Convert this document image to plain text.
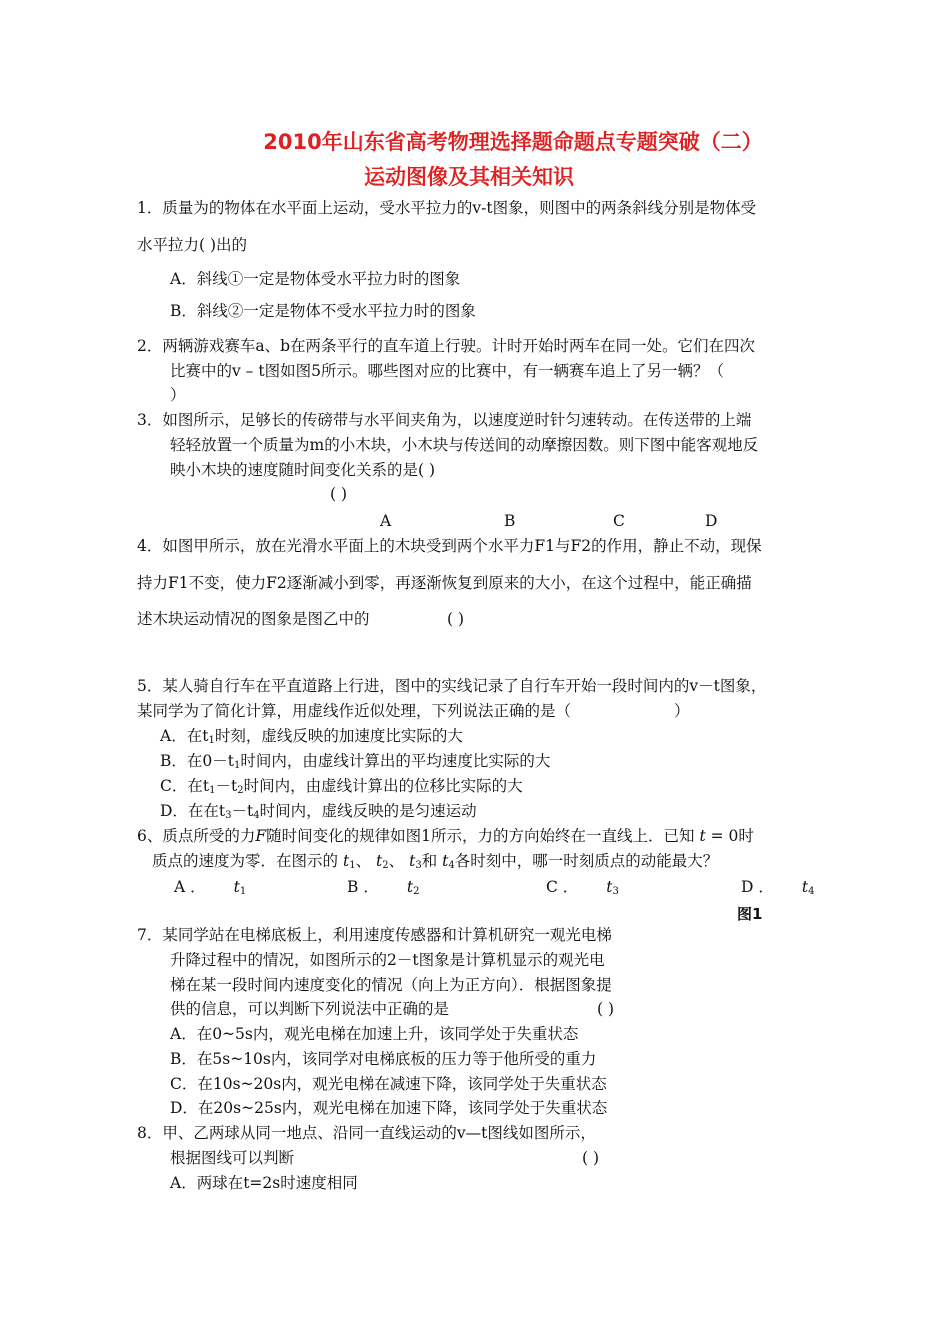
2010年山东省高考物理选择题命题点专题突破（二）
运动图像及其相关知识
1．质量为的物体在水平面上运动，受水平拉力的v-t图象，则图中的两条斜线分别是物体受
水平拉力( )出的
A．斜线①一定是物体受水平拉力时的图象
B．斜线②一定是物体不受水平拉力时的图象
2．两辆游戏赛车a、b在两条平行的直车道上行驶。计时开始时两车在同一处。它们在四次
比赛中的v – t图如图5所示。哪些图对应的比赛中，有一辆赛车追上了另一辆？（
）
3．如图所示，足够长的传磅带与水平间夹角为，以速度逆时针匀速转动。在传送带的上端
轻轻放置一个质量为m的小木块，小木块与传送间的动摩擦因数。则下图中能客观地反
映小木块的速度随时间变化关系的是( )
( )
A	B	C	D
4．如图甲所示，放在光滑水平面上的木块受到两个水平力F1与F2的作用，静止不动，现保
持力F1不变，使力F2逐渐减小到零，再逐渐恢复到原来的大小，在这个过程中，能正确描
述木块运动情况的图象是图乙中的	( )
5．某人骑自行车在平直道路上行进，图中的实线记录了自行车开始一段时间内的v－t图象，
某同学为了简化计算，用虚线作近似处理，下列说法正确的是（	）
A．在$t_1$时刻，虚线反映的加速度比实际的大
B．在$0-t_1$时间内，由虚线计算出的平均速度比实际的大
C．在$t_1-t_2$时间内，由虚线计算出的位移比实际的大
D．在在$t_3-t_4$时间内，虚线反映的是匀速运动
6、质点所受的力F随时间变化的规律如图1所示，力的方向始终在一直线上．已知 t = 0时
质点的速度为零．在图示的 $t_1$、 $t_2$、 $t_3$和 $t_4$各时刻中，哪一时刻质点的动能最大？
A ． $t_1$	B ． $t_2$	C ． $t_3$	D ． $t_4$
图1
7．某同学站在电梯底板上，利用速度传感器和计算机研究一观光电梯
升降过程中的情况，如图所示的2－t图象是计算机显示的观光电
梯在某一段时间内速度变化的情况（向上为正方向）．根据图象提
供的信息，可以判断下列说法中正确的是	( )
A．在0~5s内，观光电梯在加速上升，该同学处于失重状态
B．在5s~10s内，该同学对电梯底板的压力等于他所受的重力
C．在10s~20s内，观光电梯在减速下降，该同学处于失重状态
D．在20s~25s内，观光电梯在加速下降，该同学处于失重状态
8．甲、乙两球从同一地点、沿同一直线运动的v—t图线如图所示，
根据图线可以判断	( )
A．两球在t=2s时速度相同
